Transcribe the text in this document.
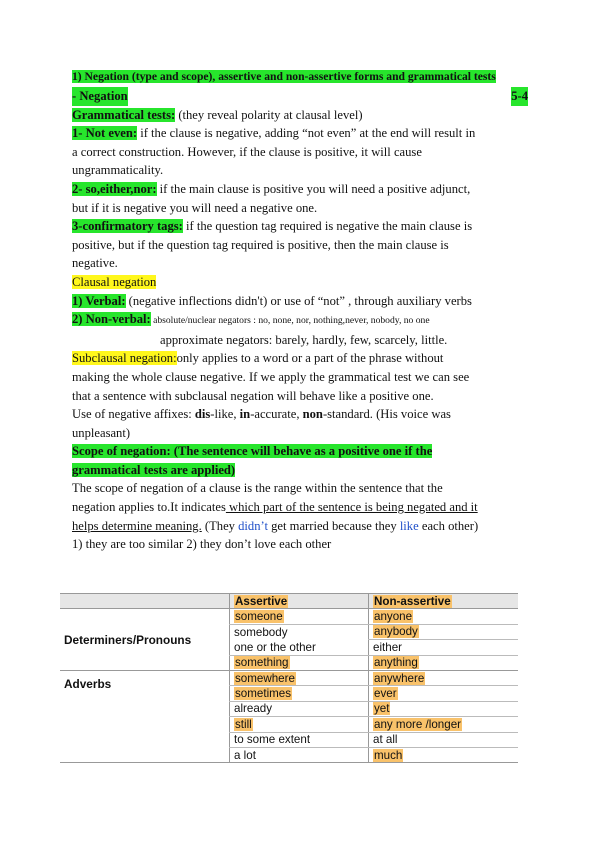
1) Negation (type and scope), assertive and non-assertive forms and grammatical tests
- Negation	5-4
Grammatical tests: (they reveal polarity at clausal level)
1- Not even: if the clause is negative, adding “not even” at the end will result in
a correct construction. However, if the clause is positive, it will cause
ungrammaticality.
2- so,either,nor: if the main clause is positive you will need a positive adjunct,
but if it is negative you will need a negative one.
3-confirmatory tags: if the question tag required is negative the main clause is
positive, but if the question tag required is positive, then the main clause is
negative.
Clausal negation
1) Verbal: (negative inflections didn't) or use of “not” , through auxiliary verbs
2) Non-verbal: absolute/nuclear negators : no, none, nor, nothing,never, nobody, no one
approximate negators: barely, hardly, few, scarcely, little.
Subclausal negation:only applies to a word or a part of the phrase without
making the whole clause negative. If we apply the grammatical test we can see
that a sentence with subclausal negation will behave like a positive one.
Use of negative affixes: dis-like, in-accurate, non-standard. (His voice was
unpleasant)
Scope of negation: (The sentence will behave as a positive one if the
grammatical tests are applied)
The scope of negation of a clause is the range within the sentence that the
negation applies to.It indicates which part of the sentence is being negated and it
helps determine meaning. (They didn’t get married because they like each other)
1) they are too similar 2) they don’t love each other
	Assertive	Non-assertive
Determiners/Pronouns	someone	anyone
	somebody	anybody
	one or the other	either
	something	anything
Adverbs	somewhere	anywhere
	sometimes	ever
	already	yet
	still	any more /longer
	to some extent	at all
	a lot	much
